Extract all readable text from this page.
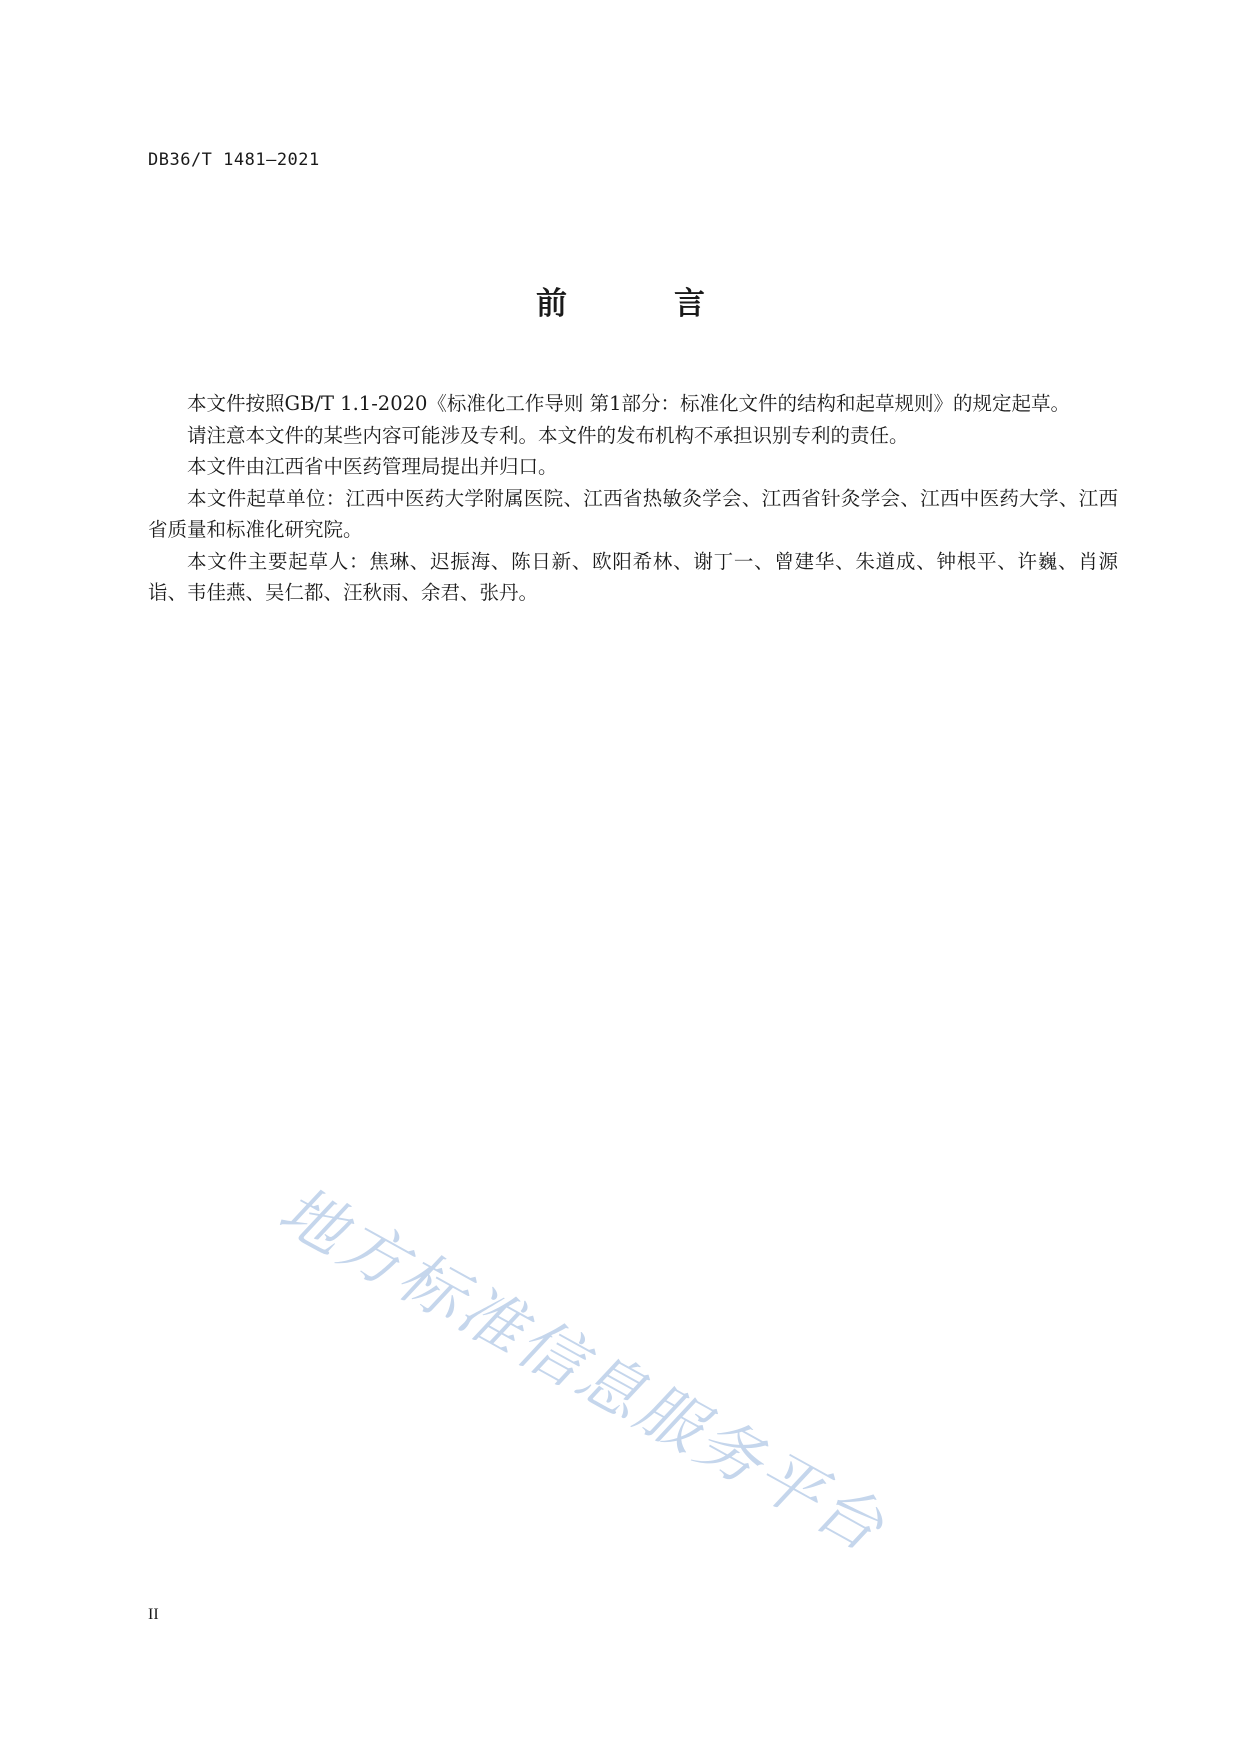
DB36/T 1481—2021
前　言

本文件按照GB/T 1.1-2020《标准化工作导则 第1部分：标准化文件的结构和起草规则》的规定起草。

请注意本文件的某些内容可能涉及专利。本文件的发布机构不承担识别专利的责任。

本文件由江西省中医药管理局提出并归口。

本文件起草单位：江西中医药大学附属医院、江西省热敏灸学会、江西省针灸学会、江西中医药大学、江西省质量和标准化研究院。

本文件主要起草人：焦琳、迟振海、陈日新、欧阳希林、谢丁一、曾建华、朱道成、钟根平、许巍、肖源诣、韦佳燕、吴仁都、汪秋雨、余君、张丹。

地方标准信息服务平台
II
